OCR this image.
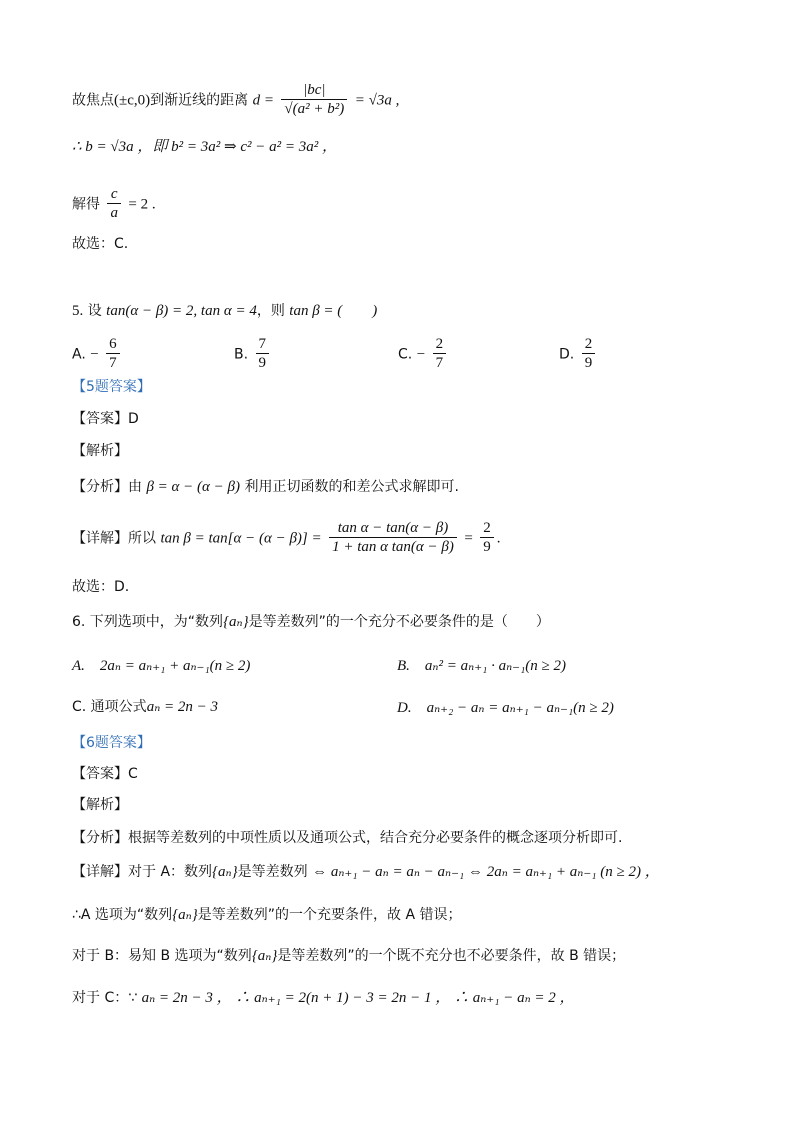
故焦点(±c,0)到渐近线的距离 $d = \frac{|bc|}{\text{√(a² + b²)}} = √3a$ ,
∴ b = √3a ，即 b² = 3a² ⇒ c² − a² = 3a² ，
解得 $\frac{c}{a} = 2$ .
故选：C.
5. 设 tan(α − β) = 2, tan α = 4，则 tan β = (　　)
A. − $\frac{6}{7}$	B. $\frac{7}{9}$	C. − $\frac{2}{7}$	D. $\frac{2}{9}$
【5题答案】
【答案】D
【解析】
【分析】由 β = α − (α − β) 利用正切函数的和差公式求解即可.
【详解】所以 $\tan \beta = \tan[\alpha - (\alpha - \beta)] = \frac{\text{tan α − tan(α − β)}}{\text{1 + tan α tan(α − β)}} = \frac{2}{9}$ .
故选：D.
6. 下列选项中，为“数列{aₙ}是等差数列”的一个充分不必要条件的是（　　）
A.　2aₙ = aₙ₊₁ + aₙ₋₁(n ≥ 2)	B.　aₙ² = aₙ₊₁ · aₙ₋₁(n ≥ 2)
C. 通项公式aₙ = 2n − 3	D.　aₙ₊₂ − aₙ = aₙ₊₁ − aₙ₋₁(n ≥ 2)
【6题答案】
【答案】C
【解析】
【分析】根据等差数列的中项性质以及通项公式，结合充分必要条件的概念逐项分析即可.
【详解】对于 A：数列{aₙ}是等差数列 ⇔ aₙ₊₁ − aₙ = aₙ − aₙ₋₁ ⇔ 2aₙ = aₙ₊₁ + aₙ₋₁ (n ≥ 2) ，
∴A 选项为“数列{aₙ}是等差数列”的一个充要条件，故 A 错误；
对于 B：易知 B 选项为“数列{aₙ}是等差数列”的一个既不充分也不必要条件，故 B 错误；
对于 C：∵ aₙ = 2n − 3 ， ∴ aₙ₊₁ = 2(n + 1) − 3 = 2n − 1 ， ∴ aₙ₊₁ − aₙ = 2 ，
